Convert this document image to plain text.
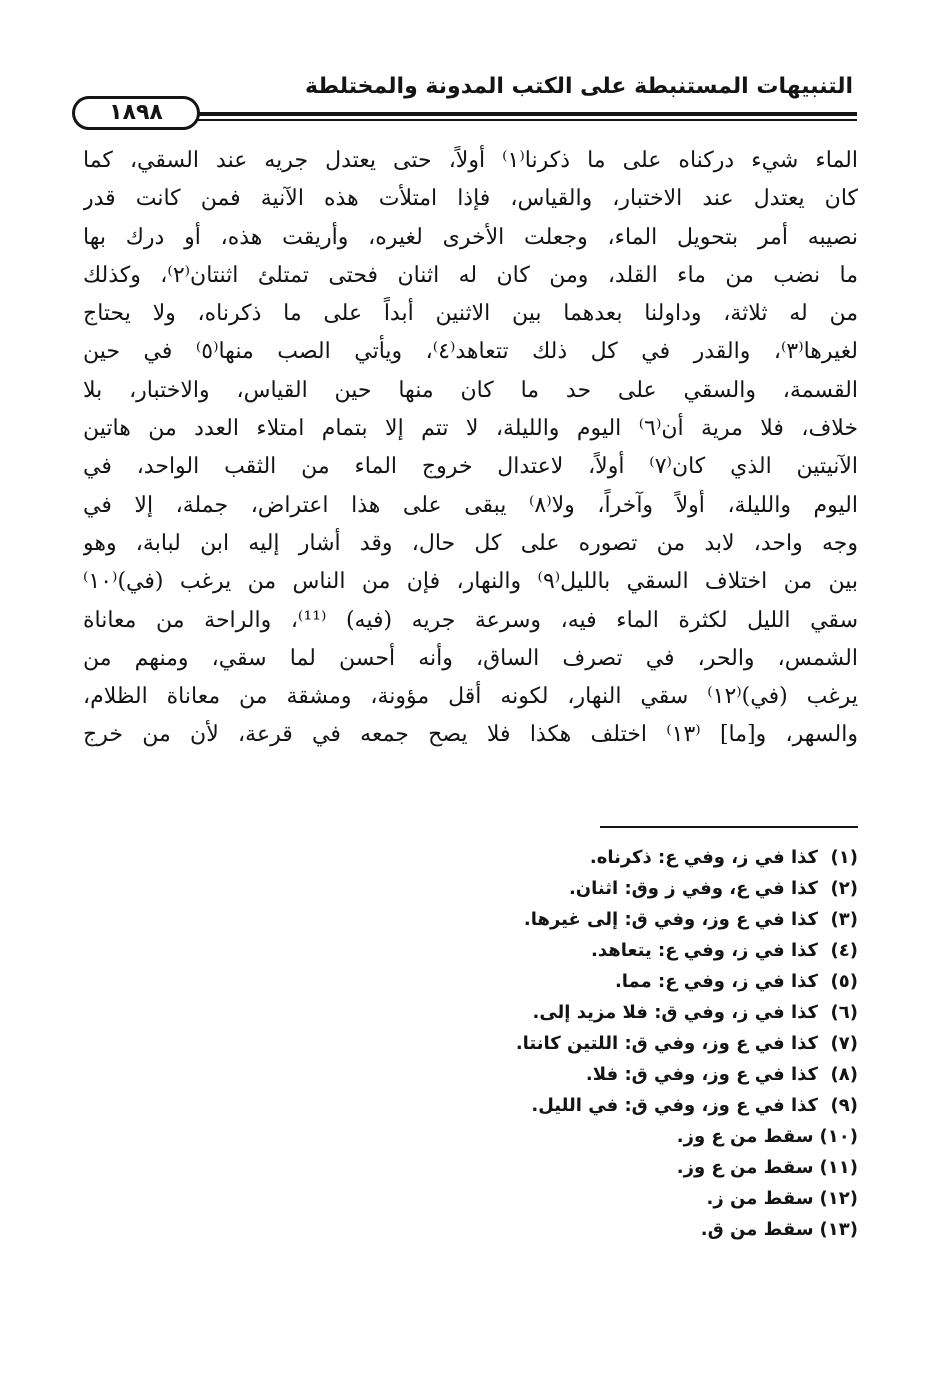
التنبيهات المستنبطة على الكتب المدونة والمختلطة
١٨٩٨
الماء شيء دركناه على ما ذكرنا⁽١⁾ أولاً، حتى يعتدل جريه عند السقي، كما
كان يعتدل عند الاختبار، والقياس، فإذا امتلأت هذه الآنية فمن كانت قدر
نصيبه أمر بتحويل الماء، وجعلت الأخرى لغيره، وأريقت هذه، أو درك بها
ما نضب من ماء القلد، ومن كان له اثنان فحتى تمتلئ اثنتان⁽٢⁾، وكذلك
من له ثلاثة، وداولنا بعدهما بين الاثنين أبداً على ما ذكرناه، ولا يحتاج
لغيرها⁽٣⁾، والقدر في كل ذلك تتعاهد⁽٤⁾، ويأتي الصب منها⁽٥⁾ في حين
القسمة، والسقي على حد ما كان منها حين القياس، والاختبار، بلا
خلاف، فلا مرية أن⁽٦⁾ اليوم والليلة، لا تتم إلا بتمام امتلاء العدد من هاتين
الآنيتين الذي كان⁽٧⁾ أولاً، لاعتدال خروج الماء من الثقب الواحد، في
اليوم والليلة، أولاً وآخراً، ولا⁽٨⁾ يبقى على هذا اعتراض، جملة، إلا في
وجه واحد، لابد من تصوره على كل حال، وقد أشار إليه ابن لبابة، وهو
بين من اختلاف السقي بالليل⁽٩⁾ والنهار، فإن من الناس من يرغب (في)⁽١٠⁾
سقي الليل لكثرة الماء فيه، وسرعة جريه (فيه) ⁽¹¹⁾، والراحة من معاناة
الشمس، والحر، في تصرف الساق، وأنه أحسن لما سقي، ومنهم من
يرغب (في)⁽١٢⁾ سقي النهار، لكونه أقل مؤونة، ومشقة من معاناة الظلام،
والسهر، و[ما] ⁽١٣⁾ اختلف هكذا فلا يصح جمعه في قرعة، لأن من خرج
(١)كذا في ز، وفي ع: ذكرناه.
(٢)كذا في ع، وفي ز وق: اثنان.
(٣)كذا في ع وز، وفي ق: إلى غيرها.
(٤)كذا في ز، وفي ع: يتعاهد.
(٥)كذا في ز، وفي ع: مما.
(٦)كذا في ز، وفي ق: فلا مزيد إلى.
(٧)كذا في ع وز، وفي ق: اللتين كانتا.
(٨)كذا في ع وز، وفي ق: فلا.
(٩)كذا في ع وز، وفي ق: في الليل.
(١٠)سقط من ع وز.
(١١)سقط من ع وز.
(١٢)سقط من ز.
(١٣)سقط من ق.
